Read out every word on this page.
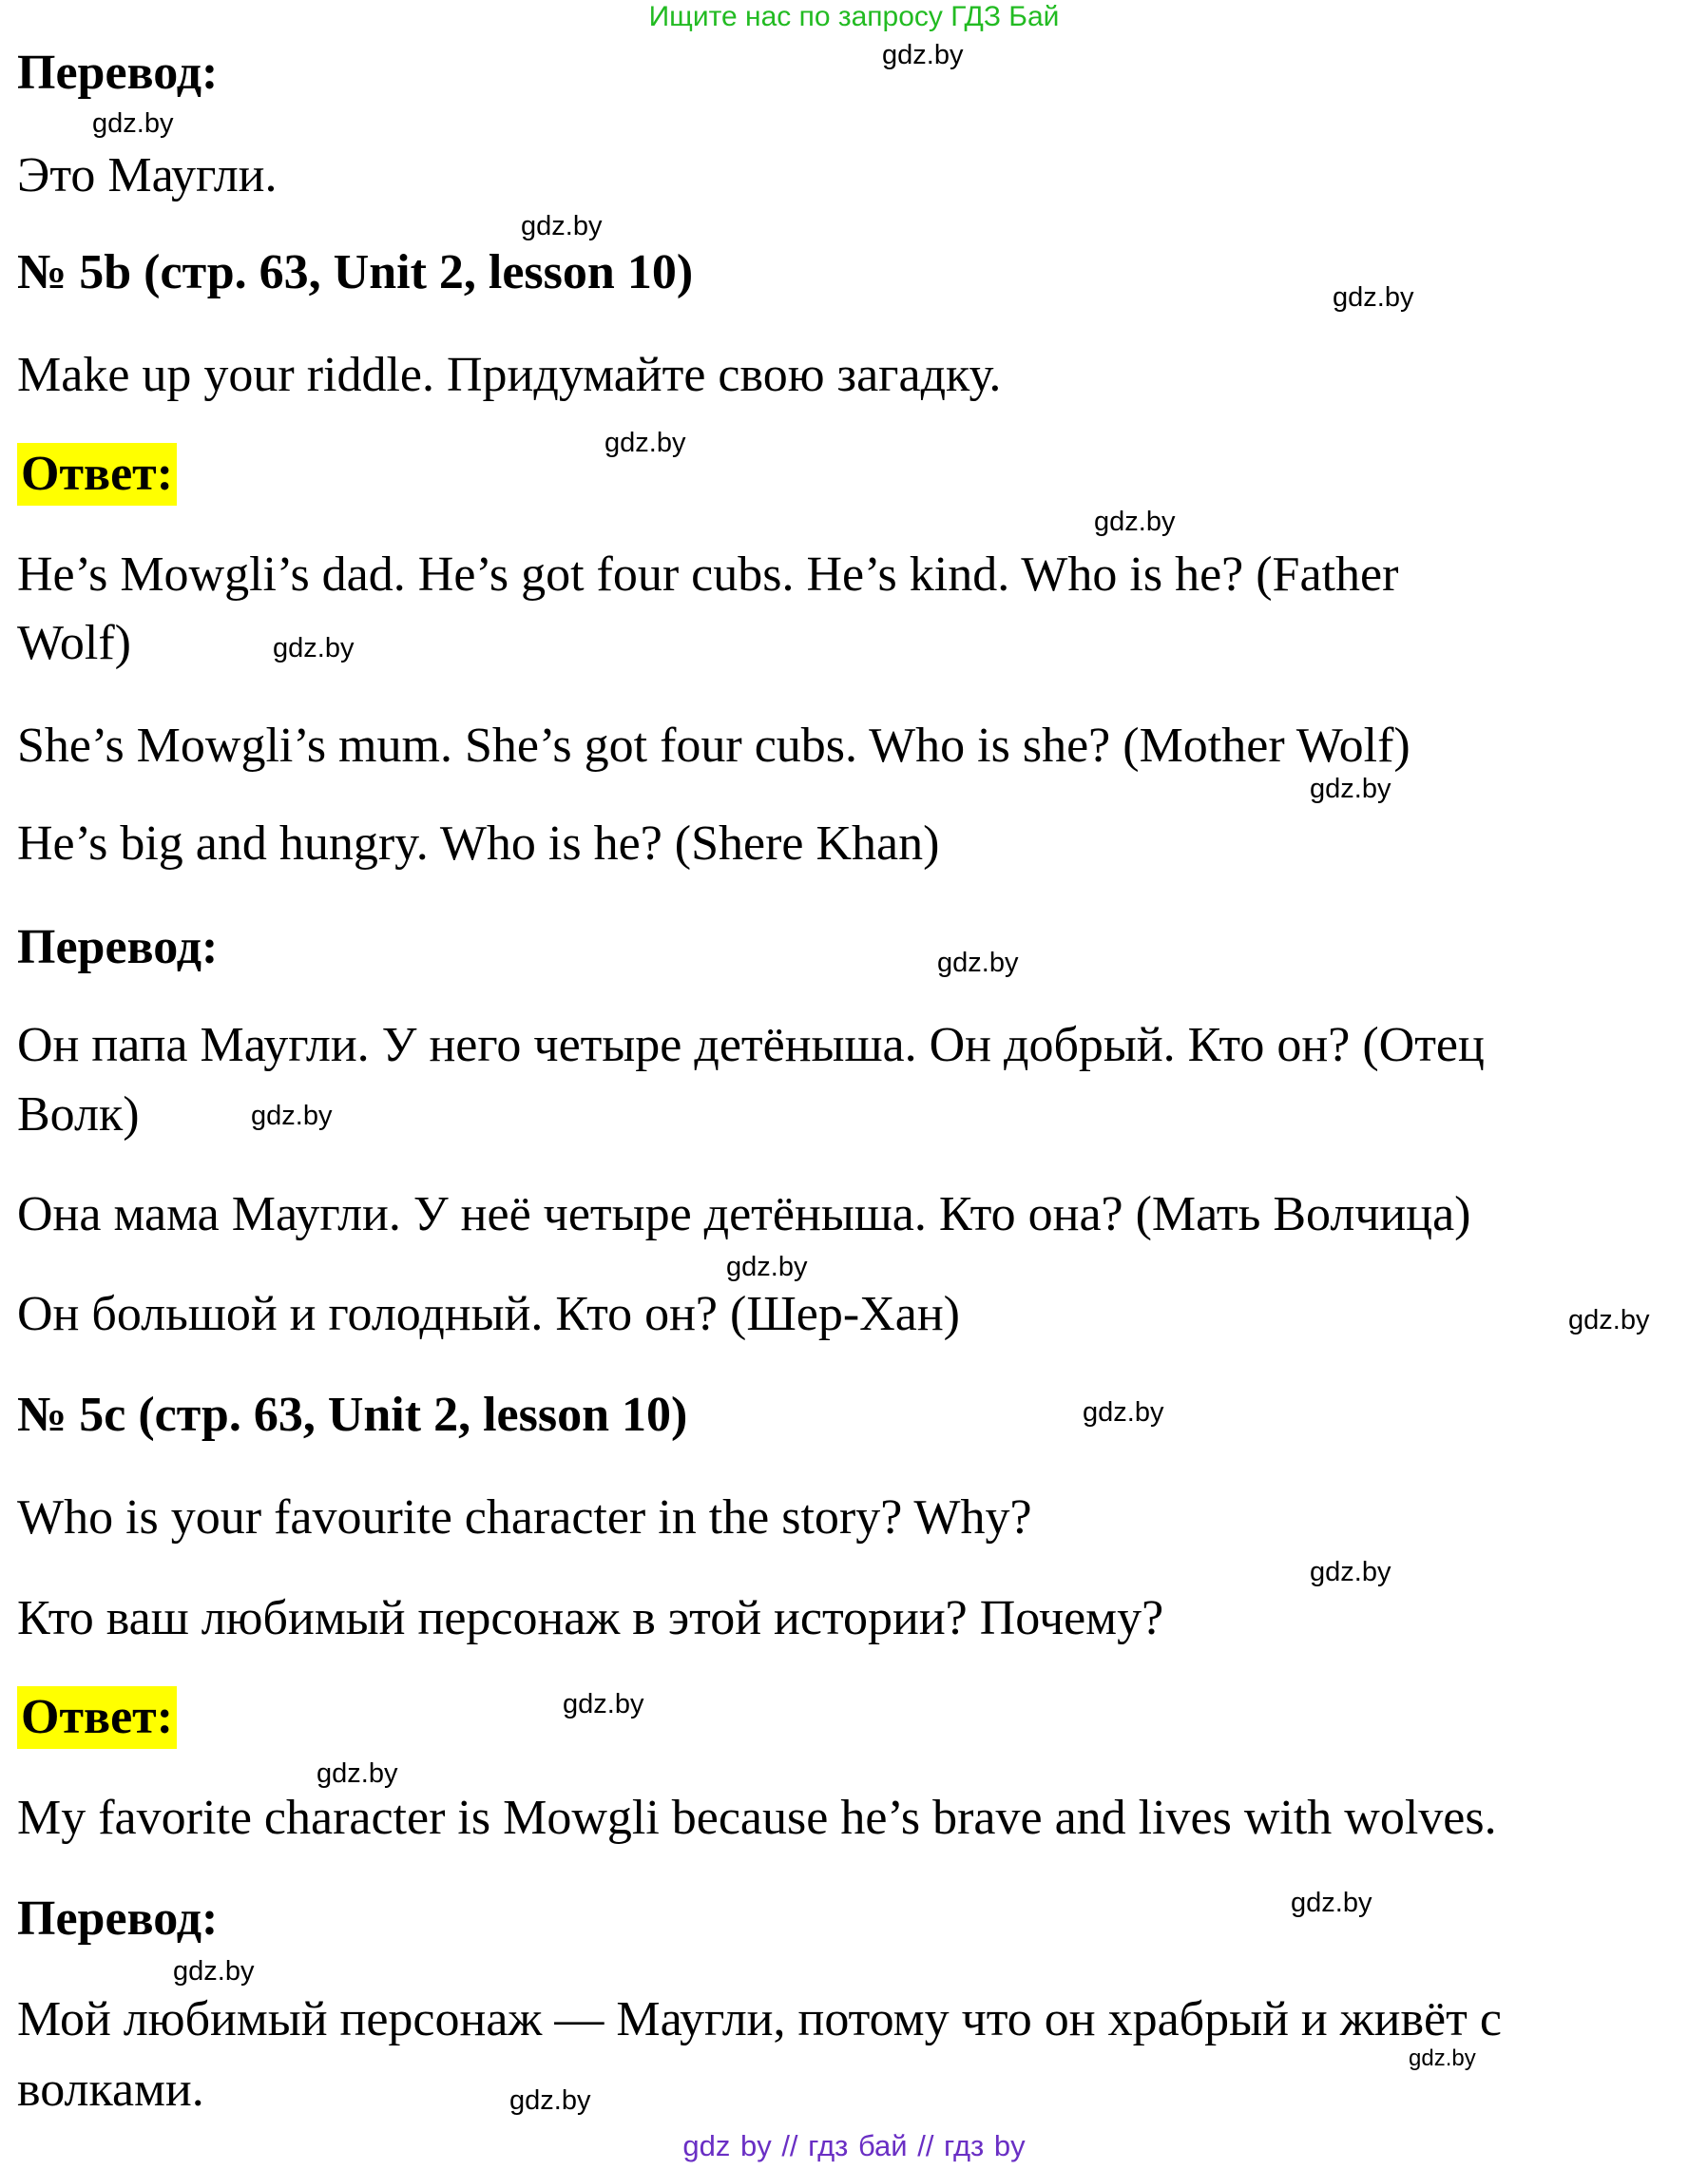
Ищите нас по запросу ГДЗ Бай
Перевод:
Это Маугли.
№ 5b (стр. 63, Unit 2, lesson 10)
Make up your riddle. Придумайте свою загадку.
Ответ:
He’s Mowgli’s dad. He’s got four cubs. He’s kind. Who is he? (Father
Wolf)
She’s Mowgli’s mum. She’s got four cubs. Who is she? (Mother Wolf)
He’s big and hungry. Who is he? (Shere Khan)
Перевод:
Он папа Маугли. У него четыре детёныша. Он добрый. Кто он? (Отец
Волк)
Она мама Маугли. У неё четыре детёныша. Кто она? (Мать Волчица)
Он большой и голодный. Кто он? (Шер-Хан)
№ 5c (стр. 63, Unit 2, lesson 10)
Who is your favourite character in the story? Why?
Кто ваш любимый персонаж в этой истории? Почему?
Ответ:
My favorite character is Mowgli because he’s brave and lives with wolves.
Перевод:
Мой любимый персонаж — Маугли, потому что он храбрый и живёт с
волками.
gdz.by
gdz.by
gdz.by
gdz.by
gdz.by
gdz.by
gdz.by
gdz.by
gdz.by
gdz.by
gdz.by
gdz.by
gdz.by
gdz.by
gdz.by
gdz.by
gdz.by
gdz.by
gdz.by
gdz.by
gdz by // гдз бай // гдз by
